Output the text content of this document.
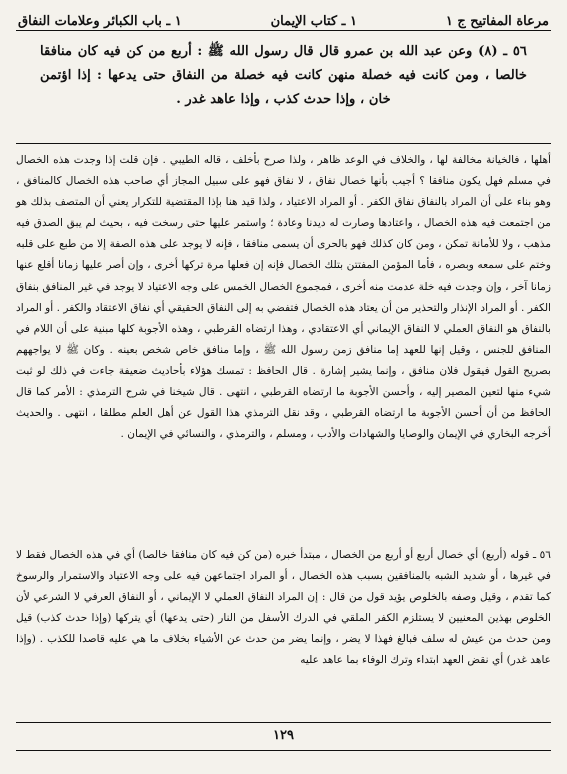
مرعاة المفاتيح ج ١
١ ـ كتاب الإيمان
١ ـ باب الكبائر وعلامات النفاق
٥٦ ـ (٨) وعن عبد الله بن عمرو قال قال رسول الله ﷺ : أربع من كن فيه كان منافقا خالصا ، ومن كانت فيه خصلة منهن كانت فيه خصلة من النفاق حتى يدعها : إذا اؤتمن خان ، وإذا حدث كذب ، وإذا عاهد غدر .

أهلها ، فالخيانة مخالفة لها ، والخلاف في الوعد ظاهر ، ولذا صرح بأخلف ، قاله الطيبي . فإن قلت إذا وجدت هذه الخصال في مسلم فهل يكون منافقا ؟ أجيب بأنها خصال نفاق ، لا نفاق فهو على سبيل المجاز أي صاحب هذه الخصال كالمنافق ، وهو بناء على أن المراد بالنفاق نفاق الكفر . أو المراد الاعتياد ، ولذا قيد هنا بإذا المقتضية للتكرار يعني أن المتصف بذلك هو من اجتمعت فيه هذه الخصال ، واعتادها وصارت له ديدنا وعادة ؛ واستمر عليها حتى رسخت فيه ، بحيث لم يبق الصدق فيه مذهب ، ولا للأمانة تمكن ، ومن كان كذلك فهو بالحرى أن يسمى منافقا ، فإنه لا يوجد على هذه الصفة إلا من طبع على قلبه وختم على سمعه وبصره ، فأما المؤمن المفتتن بتلك الخصال فإنه إن فعلها مرة تركها أخرى ، وإن أصر عليها زمانا أقلع عنها زمانا آخر ، وإن وجدت فيه خلة عدمت منه أخرى ، فمجموع الخصال الخمس على وجه الاعتياد لا يوجد في غير المنافق بنفاق الكفر . أو المراد الإنذار والتحذير من أن يعتاد هذه الخصال فتفضي به إلى النفاق الحقيقي أي نفاق الاعتقاد والكفر . أو المراد بالنفاق هو النفاق العملي لا النفاق الإيماني أي الاعتقادي ، وهذا ارتضاه القرطبي ، وهذه الأجوبة كلها مبنية على أن اللام في المنافق للجنس ، وقيل إنها للعهد إما منافق زمن رسول الله ﷺ ، وإما منافق خاص شخص بعينه . وكان ﷺ لا يواجههم بصريح القول فيقول فلان منافق ، وإنما يشير إشارة . قال الحافظ : تمسك هؤلاء بأحاديث ضعيفة جاءت في ذلك لو ثبت شيء منها لتعين المصير إليه ، وأحسن الأجوبة ما ارتضاه القرطبي ، انتهى . قال شيخنا في شرح الترمذي : الأمر كما قال الحافظ من أن أحسن الأجوبة ما ارتضاه القرطبي ، وقد نقل الترمذي هذا القول عن أهل العلم مطلقا ، انتهى . والحديث أخرجه البخاري في الإيمان والوصايا والشهادات والأدب ، ومسلم ، والترمذي ، والنسائي في الإيمان .

٥٦ ـ قوله (أربع) أي خصال أربع أو أربع من الخصال ، مبتدأ خبره (من كن فيه كان منافقا خالصا) أي في هذه الخصال فقط لا في غيرها ، أو شديد الشبه بالمنافقين بسبب هذه الخصال ، أو المراد اجتماعهن فيه على وجه الاعتياد والاستمرار والرسوخ كما تقدم ، وقيل وصفه بالخلوص يؤيد قول من قال : إن المراد النفاق العملي لا الإيماني ، أو النفاق العرفي لا الشرعي لأن الخلوص بهذين المعنيين لا يستلزم الكفر الملقي في الدرك الأسفل من النار (حتى يدعها) أي يتركها (وإذا حدث كذب) قيل ومن حدث من عيش له سلف فبالغ فهذا لا يضر ، وإنما يضر من حدث عن الأشياء بخلاف ما هي عليه قاصدا للكذب . (وإذا عاهد غدر) أي نقض العهد ابتداء وترك الوفاء بما عاهد عليه

١٢٩
